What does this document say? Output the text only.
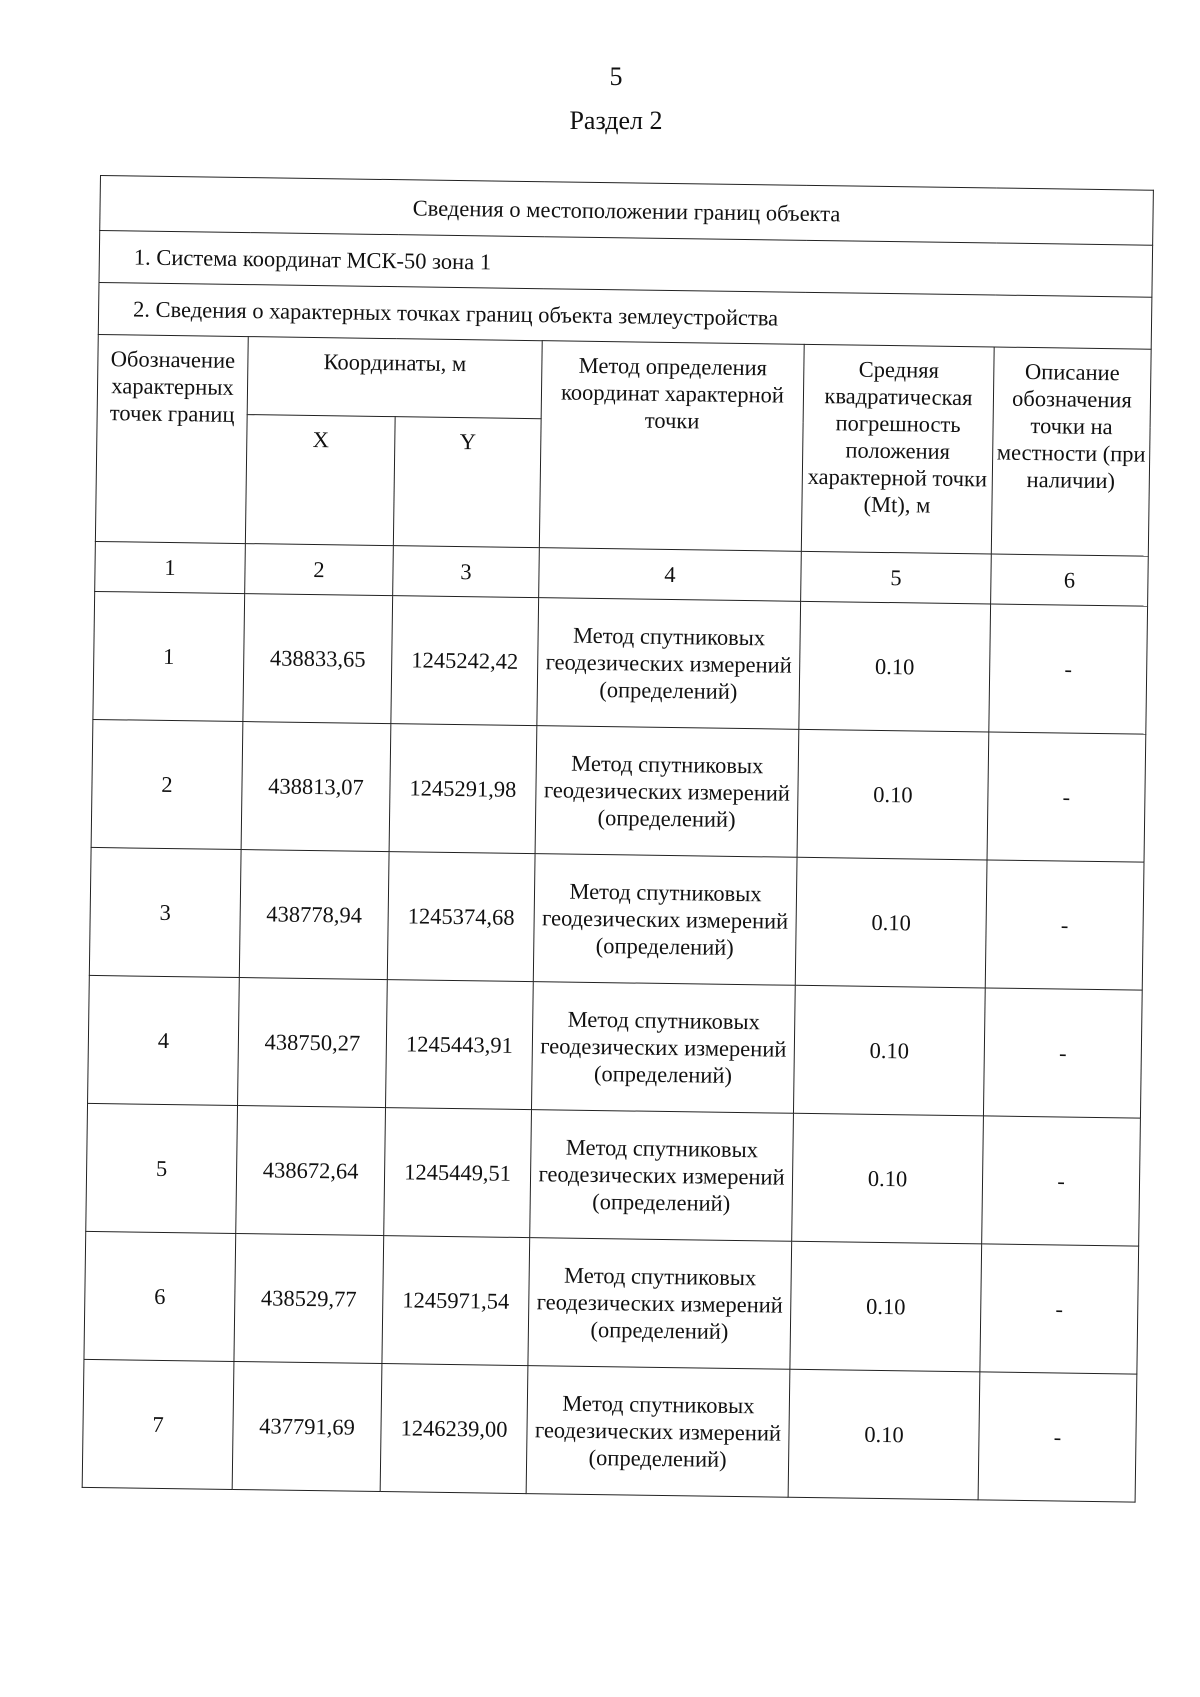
5
Раздел 2
Сведения о местоположении границ объекта					
1. Система координат МСК-50 зона 1					
2. Сведения о характерных точках границ объекта землеустройства					
Обозначение характерных точек границ	Координаты, м		Метод определения координат характерной точки	Средняя квадратическая погрешность положения характерной точки (Mt), м	Описание обозначения точки на местности (при наличии)
	X	Y			
1	2	3	4	5	6
1	438833,65	1245242,42	Метод спутниковых геодезических измерений (определений)	0.10	-
2	438813,07	1245291,98	Метод спутниковых геодезических измерений (определений)	0.10	-
3	438778,94	1245374,68	Метод спутниковых геодезических измерений (определений)	0.10	-
4	438750,27	1245443,91	Метод спутниковых геодезических измерений (определений)	0.10	-
5	438672,64	1245449,51	Метод спутниковых геодезических измерений (определений)	0.10	-
6	438529,77	1245971,54	Метод спутниковых геодезических измерений (определений)	0.10	-
7	437791,69	1246239,00	Метод спутниковых геодезических измерений (определений)	0.10	-
